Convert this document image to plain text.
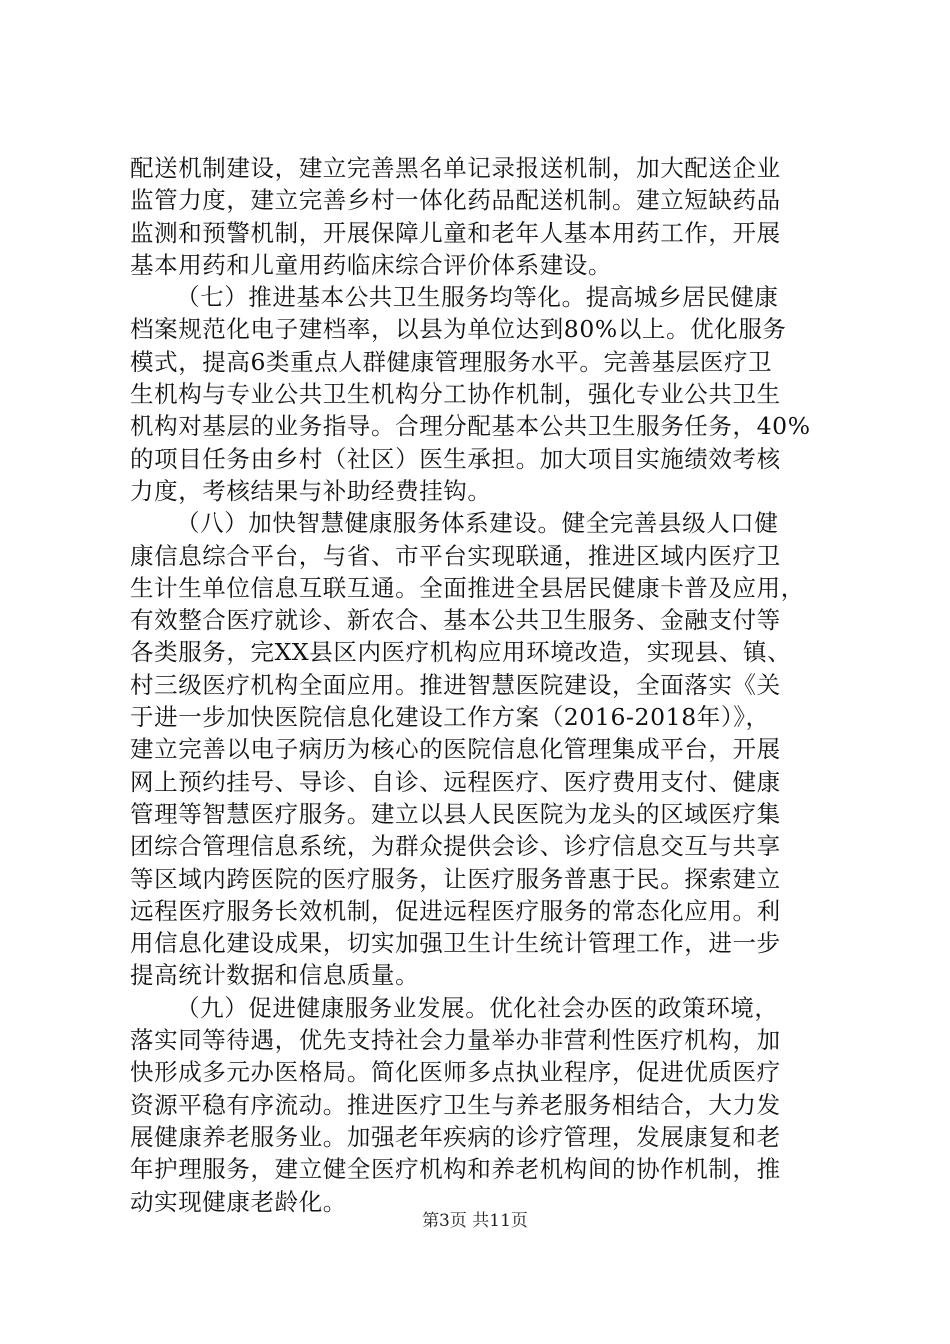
配送机制建设，建立完善黑名单记录报送机制，加大配送企业
监管力度，建立完善乡村一体化药品配送机制。建立短缺药品
监测和预警机制，开展保障儿童和老年人基本用药工作，开展
基本用药和儿童用药临床综合评价体系建设。
（七）推进基本公共卫生服务均等化。提高城乡居民健康
档案规范化电子建档率，以县为单位达到80%以上。优化服务
模式，提高6类重点人群健康管理服务水平。完善基层医疗卫
生机构与专业公共卫生机构分工协作机制，强化专业公共卫生
机构对基层的业务指导。合理分配基本公共卫生服务任务，40%
的项目任务由乡村（社区）医生承担。加大项目实施绩效考核
力度，考核结果与补助经费挂钩。
（八）加快智慧健康服务体系建设。健全完善县级人口健
康信息综合平台，与省、市平台实现联通，推进区域内医疗卫
生计生单位信息互联互通。全面推进全县居民健康卡普及应用，
有效整合医疗就诊、新农合、基本公共卫生服务、金融支付等
各类服务，完XX县区内医疗机构应用环境改造，实现县、镇、
村三级医疗机构全面应用。推进智慧医院建设，全面落实《关
于进一步加快医院信息化建设工作方案（2016-2018年）》，
建立完善以电子病历为核心的医院信息化管理集成平台，开展
网上预约挂号、导诊、自诊、远程医疗、医疗费用支付、健康
管理等智慧医疗服务。建立以县人民医院为龙头的区域医疗集
团综合管理信息系统，为群众提供会诊、诊疗信息交互与共享
等区域内跨医院的医疗服务，让医疗服务普惠于民。探索建立
远程医疗服务长效机制，促进远程医疗服务的常态化应用。利
用信息化建设成果，切实加强卫生计生统计管理工作，进一步
提高统计数据和信息质量。
（九）促进健康服务业发展。优化社会办医的政策环境，
落实同等待遇，优先支持社会力量举办非营利性医疗机构，加
快形成多元办医格局。简化医师多点执业程序，促进优质医疗
资源平稳有序流动。推进医疗卫生与养老服务相结合，大力发
展健康养老服务业。加强老年疾病的诊疗管理，发展康复和老
年护理服务，建立健全医疗机构和养老机构间的协作机制，推
动实现健康老龄化。
第3页 共11页
